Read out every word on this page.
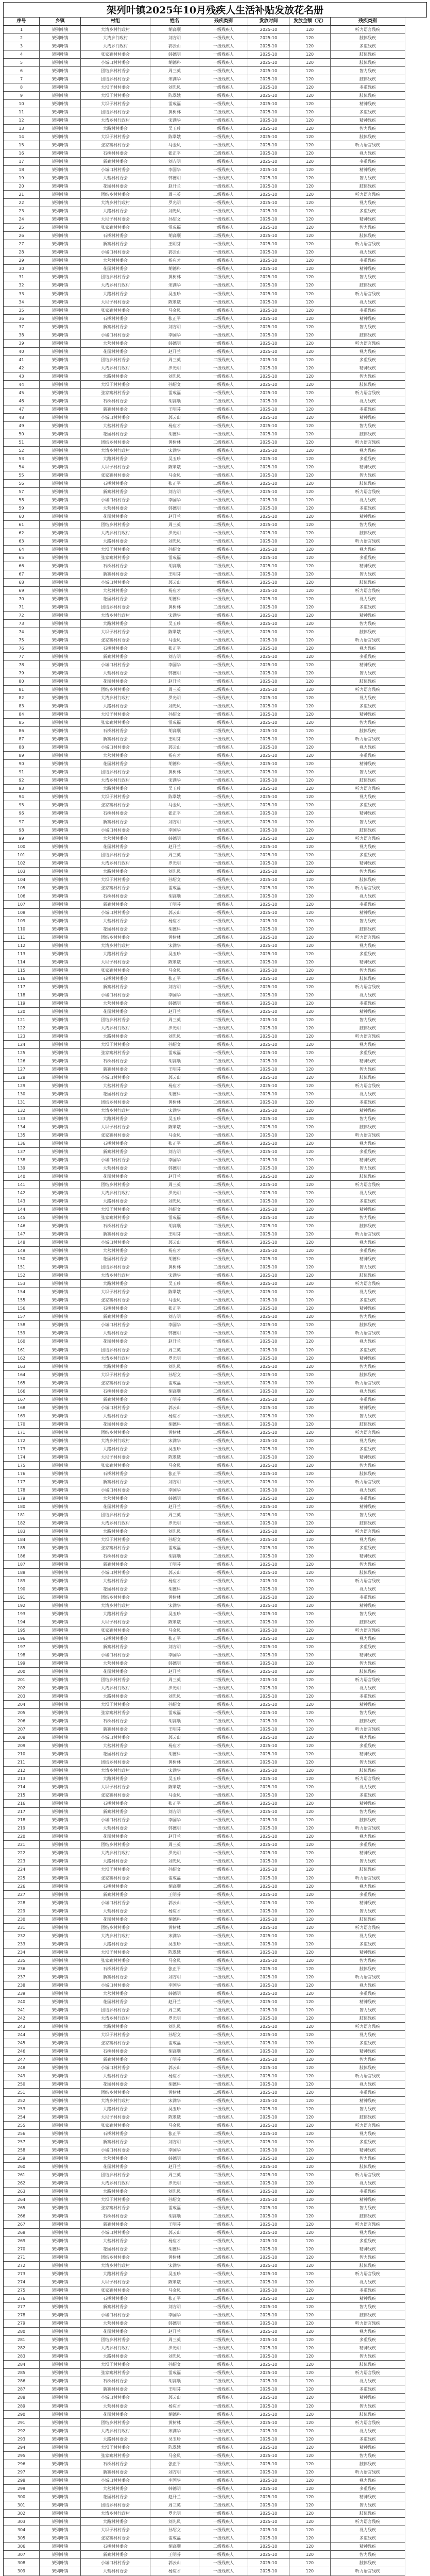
架列叶镇2025年10月残疾人生活补贴发放花名册
序号	乡镇	村组	姓名	残疾类别	发放时间	发放金额（元）	残疾类别
1	架列叶镇	大湾乡村行政村	胡高顺	一级残疾人	2025-10	120	听力语言残疾
2	架列叶镇	大湾乡行政村	刘方明	一级残疾人	2025-10	120	肢体残疾
3	架列叶镇	大湾乡行政村	郭云山	一级残疾人	2025-10	120	多重残疾
4	架列叶镇	张家寨村村委会	韩德明	一级残疾人	2025-10	120	肢体残疾
5	架列叶镇	小城口村村委会	胡德科	一级残疾人	2025-10	120	肢体残疾
6	架列叶镇	团结乡村村委会	周三英	一级残疾人	2025-10	120	智力残疾
7	架列叶镇	团结乡村村委会	宋满华	一级残疾人	2025-10	120	肢体残疾
8	架列叶镇	大坝子村村委会	刘先凤	一级残疾人	2025-10	120	多重残疾
9	架列叶镇	大坝子村村委会	陈翠娥	一级残疾人	2025-10	120	肢体残疾
10	架列叶镇	大坝子村村委会	雷成福	一级残疾人	2025-10	120	精神残疾
11	架列叶镇	团结乡村村委会	黄树林	二级残疾人	2025-10	120	多重残疾
12	架列叶镇	大湾乡村行政村	宋满华	一级残疾人	2025-10	120	精神残疾
13	架列叶镇	大路村村委会	吴玉珍	一级残疾人	2025-10	120	智力残疾
14	架列叶镇	大坝子村村委会	陈翠娥	一级残疾人	2025-10	120	肢体残疾
15	架列叶镇	张家寨村村委会	马金凤	一级残疾人	2025-10	120	听力语言残疾
16	架列叶镇	石桥村村委会	张正平	二级残疾人	2025-10	120	视力残疾
17	架列叶镇	新寨村村委会	刘方明	一级残疾人	2025-10	120	多重残疾
18	架列叶镇	小城口村村委会	李国华	一级残疾人	2025-10	120	精神残疾
19	架列叶镇	大营村村委会	韩德明	一级残疾人	2025-10	120	智力残疾
20	架列叶镇	花园村村委会	赵开兰	一级残疾人	2025-10	120	肢体残疾
21	架列叶镇	团结乡村村委会	周三英	二级残疾人	2025-10	120	听力语言残疾
22	架列叶镇	大湾乡村行政村	罗光明	一级残疾人	2025-10	120	视力残疾
23	架列叶镇	大路村村委会	刘先凤	一级残疾人	2025-10	120	多重残疾
24	架列叶镇	大坝子村村委会	孙绍文	一级残疾人	2025-10	120	精神残疾
25	架列叶镇	张家寨村村委会	雷成福	一级残疾人	2025-10	120	智力残疾
26	架列叶镇	石桥村村委会	胡高顺	二级残疾人	2025-10	120	肢体残疾
27	架列叶镇	新寨村村委会	王明芬	一级残疾人	2025-10	120	听力语言残疾
28	架列叶镇	小城口村村委会	郭云山	一级残疾人	2025-10	120	视力残疾
29	架列叶镇	大营村村委会	杨应才	一级残疾人	2025-10	120	多重残疾
30	架列叶镇	花园村村委会	胡德科	一级残疾人	2025-10	120	精神残疾
31	架列叶镇	团结乡村村委会	黄树林	二级残疾人	2025-10	120	智力残疾
32	架列叶镇	大湾乡村行政村	宋满华	一级残疾人	2025-10	120	肢体残疾
33	架列叶镇	大路村村委会	吴玉珍	一级残疾人	2025-10	120	听力语言残疾
34	架列叶镇	大坝子村村委会	陈翠娥	一级残疾人	2025-10	120	视力残疾
35	架列叶镇	张家寨村村委会	马金凤	一级残疾人	2025-10	120	多重残疾
36	架列叶镇	石桥村村委会	张正平	二级残疾人	2025-10	120	精神残疾
37	架列叶镇	新寨村村委会	刘方明	一级残疾人	2025-10	120	智力残疾
38	架列叶镇	小城口村村委会	李国华	一级残疾人	2025-10	120	肢体残疾
39	架列叶镇	大营村村委会	韩德明	一级残疾人	2025-10	120	听力语言残疾
40	架列叶镇	花园村村委会	赵开兰	一级残疾人	2025-10	120	视力残疾
41	架列叶镇	团结乡村村委会	周三英	二级残疾人	2025-10	120	多重残疾
42	架列叶镇	大湾乡村行政村	罗光明	一级残疾人	2025-10	120	精神残疾
43	架列叶镇	大路村村委会	刘先凤	一级残疾人	2025-10	120	智力残疾
44	架列叶镇	大坝子村村委会	孙绍文	一级残疾人	2025-10	120	肢体残疾
45	架列叶镇	张家寨村村委会	雷成福	一级残疾人	2025-10	120	听力语言残疾
46	架列叶镇	石桥村村委会	胡高顺	二级残疾人	2025-10	120	视力残疾
47	架列叶镇	新寨村村委会	王明芬	一级残疾人	2025-10	120	多重残疾
48	架列叶镇	小城口村村委会	郭云山	一级残疾人	2025-10	120	精神残疾
49	架列叶镇	大营村村委会	杨应才	一级残疾人	2025-10	120	智力残疾
50	架列叶镇	花园村村委会	胡德科	一级残疾人	2025-10	120	肢体残疾
51	架列叶镇	团结乡村村委会	黄树林	二级残疾人	2025-10	120	听力语言残疾
52	架列叶镇	大湾乡村行政村	宋满华	一级残疾人	2025-10	120	视力残疾
53	架列叶镇	大路村村委会	吴玉珍	一级残疾人	2025-10	120	多重残疾
54	架列叶镇	大坝子村村委会	陈翠娥	一级残疾人	2025-10	120	精神残疾
55	架列叶镇	张家寨村村委会	马金凤	一级残疾人	2025-10	120	智力残疾
56	架列叶镇	石桥村村委会	张正平	二级残疾人	2025-10	120	肢体残疾
57	架列叶镇	新寨村村委会	刘方明	一级残疾人	2025-10	120	听力语言残疾
58	架列叶镇	小城口村村委会	李国华	一级残疾人	2025-10	120	视力残疾
59	架列叶镇	大营村村委会	韩德明	一级残疾人	2025-10	120	多重残疾
60	架列叶镇	花园村村委会	赵开兰	一级残疾人	2025-10	120	精神残疾
61	架列叶镇	团结乡村村委会	周三英	二级残疾人	2025-10	120	智力残疾
62	架列叶镇	大湾乡村行政村	罗光明	一级残疾人	2025-10	120	肢体残疾
63	架列叶镇	大路村村委会	刘先凤	一级残疾人	2025-10	120	听力语言残疾
64	架列叶镇	大坝子村村委会	孙绍文	一级残疾人	2025-10	120	视力残疾
65	架列叶镇	张家寨村村委会	雷成福	一级残疾人	2025-10	120	多重残疾
66	架列叶镇	石桥村村委会	胡高顺	二级残疾人	2025-10	120	精神残疾
67	架列叶镇	新寨村村委会	王明芬	一级残疾人	2025-10	120	智力残疾
68	架列叶镇	小城口村村委会	郭云山	一级残疾人	2025-10	120	肢体残疾
69	架列叶镇	大营村村委会	杨应才	一级残疾人	2025-10	120	听力语言残疾
70	架列叶镇	花园村村委会	胡德科	一级残疾人	2025-10	120	视力残疾
71	架列叶镇	团结乡村村委会	黄树林	二级残疾人	2025-10	120	多重残疾
72	架列叶镇	大湾乡村行政村	宋满华	一级残疾人	2025-10	120	精神残疾
73	架列叶镇	大路村村委会	吴玉珍	一级残疾人	2025-10	120	智力残疾
74	架列叶镇	大坝子村村委会	陈翠娥	一级残疾人	2025-10	120	肢体残疾
75	架列叶镇	张家寨村村委会	马金凤	一级残疾人	2025-10	120	听力语言残疾
76	架列叶镇	石桥村村委会	张正平	二级残疾人	2025-10	120	视力残疾
77	架列叶镇	新寨村村委会	刘方明	一级残疾人	2025-10	120	多重残疾
78	架列叶镇	小城口村村委会	李国华	一级残疾人	2025-10	120	精神残疾
79	架列叶镇	大营村村委会	韩德明	一级残疾人	2025-10	120	智力残疾
80	架列叶镇	花园村村委会	赵开兰	一级残疾人	2025-10	120	肢体残疾
81	架列叶镇	团结乡村村委会	周三英	二级残疾人	2025-10	120	听力语言残疾
82	架列叶镇	大湾乡村行政村	罗光明	一级残疾人	2025-10	120	视力残疾
83	架列叶镇	大路村村委会	刘先凤	一级残疾人	2025-10	120	多重残疾
84	架列叶镇	大坝子村村委会	孙绍文	一级残疾人	2025-10	120	精神残疾
85	架列叶镇	张家寨村村委会	雷成福	一级残疾人	2025-10	120	智力残疾
86	架列叶镇	石桥村村委会	胡高顺	二级残疾人	2025-10	120	肢体残疾
87	架列叶镇	新寨村村委会	王明芬	一级残疾人	2025-10	120	听力语言残疾
88	架列叶镇	小城口村村委会	郭云山	一级残疾人	2025-10	120	视力残疾
89	架列叶镇	大营村村委会	杨应才	一级残疾人	2025-10	120	多重残疾
90	架列叶镇	花园村村委会	胡德科	一级残疾人	2025-10	120	精神残疾
91	架列叶镇	团结乡村村委会	黄树林	二级残疾人	2025-10	120	智力残疾
92	架列叶镇	大湾乡村行政村	宋满华	一级残疾人	2025-10	120	肢体残疾
93	架列叶镇	大路村村委会	吴玉珍	一级残疾人	2025-10	120	听力语言残疾
94	架列叶镇	大坝子村村委会	陈翠娥	一级残疾人	2025-10	120	视力残疾
95	架列叶镇	张家寨村村委会	马金凤	一级残疾人	2025-10	120	多重残疾
96	架列叶镇	石桥村村委会	张正平	二级残疾人	2025-10	120	精神残疾
97	架列叶镇	新寨村村委会	刘方明	一级残疾人	2025-10	120	智力残疾
98	架列叶镇	小城口村村委会	李国华	一级残疾人	2025-10	120	肢体残疾
99	架列叶镇	大营村村委会	韩德明	一级残疾人	2025-10	120	听力语言残疾
100	架列叶镇	花园村村委会	赵开兰	一级残疾人	2025-10	120	视力残疾
101	架列叶镇	团结乡村村委会	周三英	二级残疾人	2025-10	120	多重残疾
102	架列叶镇	大湾乡村行政村	罗光明	一级残疾人	2025-10	120	精神残疾
103	架列叶镇	大路村村委会	刘先凤	一级残疾人	2025-10	120	智力残疾
104	架列叶镇	大坝子村村委会	孙绍文	一级残疾人	2025-10	120	肢体残疾
105	架列叶镇	张家寨村村委会	雷成福	一级残疾人	2025-10	120	听力语言残疾
106	架列叶镇	石桥村村委会	胡高顺	二级残疾人	2025-10	120	视力残疾
107	架列叶镇	新寨村村委会	王明芬	一级残疾人	2025-10	120	多重残疾
108	架列叶镇	小城口村村委会	郭云山	一级残疾人	2025-10	120	精神残疾
109	架列叶镇	大营村村委会	杨应才	一级残疾人	2025-10	120	智力残疾
110	架列叶镇	花园村村委会	胡德科	一级残疾人	2025-10	120	肢体残疾
111	架列叶镇	团结乡村村委会	黄树林	二级残疾人	2025-10	120	听力语言残疾
112	架列叶镇	大湾乡村行政村	宋满华	一级残疾人	2025-10	120	视力残疾
113	架列叶镇	大路村村委会	吴玉珍	一级残疾人	2025-10	120	多重残疾
114	架列叶镇	大坝子村村委会	陈翠娥	一级残疾人	2025-10	120	精神残疾
115	架列叶镇	张家寨村村委会	马金凤	一级残疾人	2025-10	120	智力残疾
116	架列叶镇	石桥村村委会	张正平	二级残疾人	2025-10	120	肢体残疾
117	架列叶镇	新寨村村委会	刘方明	一级残疾人	2025-10	120	听力语言残疾
118	架列叶镇	小城口村村委会	李国华	一级残疾人	2025-10	120	视力残疾
119	架列叶镇	大营村村委会	韩德明	一级残疾人	2025-10	120	多重残疾
120	架列叶镇	花园村村委会	赵开兰	一级残疾人	2025-10	120	精神残疾
121	架列叶镇	团结乡村村委会	周三英	二级残疾人	2025-10	120	智力残疾
122	架列叶镇	大湾乡村行政村	罗光明	一级残疾人	2025-10	120	肢体残疾
123	架列叶镇	大路村村委会	刘先凤	一级残疾人	2025-10	120	听力语言残疾
124	架列叶镇	大坝子村村委会	孙绍文	一级残疾人	2025-10	120	视力残疾
125	架列叶镇	张家寨村村委会	雷成福	一级残疾人	2025-10	120	多重残疾
126	架列叶镇	石桥村村委会	胡高顺	二级残疾人	2025-10	120	精神残疾
127	架列叶镇	新寨村村委会	王明芬	一级残疾人	2025-10	120	智力残疾
128	架列叶镇	小城口村村委会	郭云山	一级残疾人	2025-10	120	肢体残疾
129	架列叶镇	大营村村委会	杨应才	一级残疾人	2025-10	120	听力语言残疾
130	架列叶镇	花园村村委会	胡德科	一级残疾人	2025-10	120	视力残疾
131	架列叶镇	团结乡村村委会	黄树林	二级残疾人	2025-10	120	多重残疾
132	架列叶镇	大湾乡村行政村	宋满华	一级残疾人	2025-10	120	精神残疾
133	架列叶镇	大路村村委会	吴玉珍	一级残疾人	2025-10	120	智力残疾
134	架列叶镇	大坝子村村委会	陈翠娥	一级残疾人	2025-10	120	肢体残疾
135	架列叶镇	张家寨村村委会	马金凤	一级残疾人	2025-10	120	听力语言残疾
136	架列叶镇	石桥村村委会	张正平	二级残疾人	2025-10	120	视力残疾
137	架列叶镇	新寨村村委会	刘方明	一级残疾人	2025-10	120	多重残疾
138	架列叶镇	小城口村村委会	李国华	一级残疾人	2025-10	120	精神残疾
139	架列叶镇	大营村村委会	韩德明	一级残疾人	2025-10	120	智力残疾
140	架列叶镇	花园村村委会	赵开兰	一级残疾人	2025-10	120	肢体残疾
141	架列叶镇	团结乡村村委会	周三英	二级残疾人	2025-10	120	听力语言残疾
142	架列叶镇	大湾乡村行政村	罗光明	一级残疾人	2025-10	120	视力残疾
143	架列叶镇	大路村村委会	刘先凤	一级残疾人	2025-10	120	多重残疾
144	架列叶镇	大坝子村村委会	孙绍文	一级残疾人	2025-10	120	精神残疾
145	架列叶镇	张家寨村村委会	雷成福	一级残疾人	2025-10	120	智力残疾
146	架列叶镇	石桥村村委会	胡高顺	二级残疾人	2025-10	120	肢体残疾
147	架列叶镇	新寨村村委会	王明芬	一级残疾人	2025-10	120	听力语言残疾
148	架列叶镇	小城口村村委会	郭云山	一级残疾人	2025-10	120	视力残疾
149	架列叶镇	大营村村委会	杨应才	一级残疾人	2025-10	120	多重残疾
150	架列叶镇	花园村村委会	胡德科	一级残疾人	2025-10	120	精神残疾
151	架列叶镇	团结乡村村委会	黄树林	二级残疾人	2025-10	120	智力残疾
152	架列叶镇	大湾乡村行政村	宋满华	一级残疾人	2025-10	120	肢体残疾
153	架列叶镇	大路村村委会	吴玉珍	一级残疾人	2025-10	120	听力语言残疾
154	架列叶镇	大坝子村村委会	陈翠娥	一级残疾人	2025-10	120	视力残疾
155	架列叶镇	张家寨村村委会	马金凤	一级残疾人	2025-10	120	多重残疾
156	架列叶镇	石桥村村委会	张正平	二级残疾人	2025-10	120	精神残疾
157	架列叶镇	新寨村村委会	刘方明	一级残疾人	2025-10	120	智力残疾
158	架列叶镇	小城口村村委会	李国华	一级残疾人	2025-10	120	肢体残疾
159	架列叶镇	大营村村委会	韩德明	一级残疾人	2025-10	120	听力语言残疾
160	架列叶镇	花园村村委会	赵开兰	一级残疾人	2025-10	120	视力残疾
161	架列叶镇	团结乡村村委会	周三英	二级残疾人	2025-10	120	多重残疾
162	架列叶镇	大湾乡村行政村	罗光明	一级残疾人	2025-10	120	精神残疾
163	架列叶镇	大路村村委会	刘先凤	一级残疾人	2025-10	120	智力残疾
164	架列叶镇	大坝子村村委会	孙绍文	一级残疾人	2025-10	120	肢体残疾
165	架列叶镇	张家寨村村委会	雷成福	一级残疾人	2025-10	120	听力语言残疾
166	架列叶镇	石桥村村委会	胡高顺	二级残疾人	2025-10	120	视力残疾
167	架列叶镇	新寨村村委会	王明芬	一级残疾人	2025-10	120	多重残疾
168	架列叶镇	小城口村村委会	郭云山	一级残疾人	2025-10	120	精神残疾
169	架列叶镇	大营村村委会	杨应才	一级残疾人	2025-10	120	智力残疾
170	架列叶镇	花园村村委会	胡德科	一级残疾人	2025-10	120	肢体残疾
171	架列叶镇	团结乡村村委会	黄树林	二级残疾人	2025-10	120	听力语言残疾
172	架列叶镇	大湾乡村行政村	宋满华	一级残疾人	2025-10	120	视力残疾
173	架列叶镇	大路村村委会	吴玉珍	一级残疾人	2025-10	120	多重残疾
174	架列叶镇	大坝子村村委会	陈翠娥	一级残疾人	2025-10	120	精神残疾
175	架列叶镇	张家寨村村委会	马金凤	一级残疾人	2025-10	120	智力残疾
176	架列叶镇	石桥村村委会	张正平	二级残疾人	2025-10	120	肢体残疾
177	架列叶镇	新寨村村委会	刘方明	一级残疾人	2025-10	120	听力语言残疾
178	架列叶镇	小城口村村委会	李国华	一级残疾人	2025-10	120	视力残疾
179	架列叶镇	大营村村委会	韩德明	一级残疾人	2025-10	120	多重残疾
180	架列叶镇	花园村村委会	赵开兰	一级残疾人	2025-10	120	精神残疾
181	架列叶镇	团结乡村村委会	周三英	二级残疾人	2025-10	120	智力残疾
182	架列叶镇	大湾乡村行政村	罗光明	一级残疾人	2025-10	120	肢体残疾
183	架列叶镇	大路村村委会	刘先凤	一级残疾人	2025-10	120	听力语言残疾
184	架列叶镇	大坝子村村委会	孙绍文	一级残疾人	2025-10	120	视力残疾
185	架列叶镇	张家寨村村委会	雷成福	一级残疾人	2025-10	120	多重残疾
186	架列叶镇	石桥村村委会	胡高顺	二级残疾人	2025-10	120	精神残疾
187	架列叶镇	新寨村村委会	王明芬	一级残疾人	2025-10	120	智力残疾
188	架列叶镇	小城口村村委会	郭云山	一级残疾人	2025-10	120	肢体残疾
189	架列叶镇	大营村村委会	杨应才	一级残疾人	2025-10	120	听力语言残疾
190	架列叶镇	花园村村委会	胡德科	一级残疾人	2025-10	120	视力残疾
191	架列叶镇	团结乡村村委会	黄树林	二级残疾人	2025-10	120	多重残疾
192	架列叶镇	大湾乡村行政村	宋满华	一级残疾人	2025-10	120	精神残疾
193	架列叶镇	大路村村委会	吴玉珍	一级残疾人	2025-10	120	智力残疾
194	架列叶镇	大坝子村村委会	陈翠娥	一级残疾人	2025-10	120	肢体残疾
195	架列叶镇	张家寨村村委会	马金凤	一级残疾人	2025-10	120	听力语言残疾
196	架列叶镇	石桥村村委会	张正平	二级残疾人	2025-10	120	视力残疾
197	架列叶镇	新寨村村委会	刘方明	一级残疾人	2025-10	120	多重残疾
198	架列叶镇	小城口村村委会	李国华	一级残疾人	2025-10	120	精神残疾
199	架列叶镇	大营村村委会	韩德明	一级残疾人	2025-10	120	智力残疾
200	架列叶镇	花园村村委会	赵开兰	一级残疾人	2025-10	120	肢体残疾
201	架列叶镇	团结乡村村委会	周三英	二级残疾人	2025-10	120	听力语言残疾
202	架列叶镇	大湾乡村行政村	罗光明	一级残疾人	2025-10	120	视力残疾
203	架列叶镇	大路村村委会	刘先凤	一级残疾人	2025-10	120	多重残疾
204	架列叶镇	大坝子村村委会	孙绍文	一级残疾人	2025-10	120	精神残疾
205	架列叶镇	张家寨村村委会	雷成福	一级残疾人	2025-10	120	智力残疾
206	架列叶镇	石桥村村委会	胡高顺	二级残疾人	2025-10	120	肢体残疾
207	架列叶镇	新寨村村委会	王明芬	一级残疾人	2025-10	120	听力语言残疾
208	架列叶镇	小城口村村委会	郭云山	一级残疾人	2025-10	120	视力残疾
209	架列叶镇	大营村村委会	杨应才	一级残疾人	2025-10	120	多重残疾
210	架列叶镇	花园村村委会	胡德科	一级残疾人	2025-10	120	精神残疾
211	架列叶镇	团结乡村村委会	黄树林	二级残疾人	2025-10	120	智力残疾
212	架列叶镇	大湾乡村行政村	宋满华	一级残疾人	2025-10	120	肢体残疾
213	架列叶镇	大路村村委会	吴玉珍	一级残疾人	2025-10	120	听力语言残疾
214	架列叶镇	大坝子村村委会	陈翠娥	一级残疾人	2025-10	120	视力残疾
215	架列叶镇	张家寨村村委会	马金凤	一级残疾人	2025-10	120	多重残疾
216	架列叶镇	石桥村村委会	张正平	二级残疾人	2025-10	120	精神残疾
217	架列叶镇	新寨村村委会	刘方明	一级残疾人	2025-10	120	智力残疾
218	架列叶镇	小城口村村委会	李国华	一级残疾人	2025-10	120	肢体残疾
219	架列叶镇	大营村村委会	韩德明	一级残疾人	2025-10	120	听力语言残疾
220	架列叶镇	花园村村委会	赵开兰	一级残疾人	2025-10	120	视力残疾
221	架列叶镇	团结乡村村委会	周三英	二级残疾人	2025-10	120	多重残疾
222	架列叶镇	大湾乡村行政村	罗光明	一级残疾人	2025-10	120	精神残疾
223	架列叶镇	大路村村委会	刘先凤	一级残疾人	2025-10	120	智力残疾
224	架列叶镇	大坝子村村委会	孙绍文	一级残疾人	2025-10	120	肢体残疾
225	架列叶镇	张家寨村村委会	雷成福	一级残疾人	2025-10	120	听力语言残疾
226	架列叶镇	石桥村村委会	胡高顺	二级残疾人	2025-10	120	视力残疾
227	架列叶镇	新寨村村委会	王明芬	一级残疾人	2025-10	120	多重残疾
228	架列叶镇	小城口村村委会	郭云山	一级残疾人	2025-10	120	精神残疾
229	架列叶镇	大营村村委会	杨应才	一级残疾人	2025-10	120	智力残疾
230	架列叶镇	花园村村委会	胡德科	一级残疾人	2025-10	120	肢体残疾
231	架列叶镇	团结乡村村委会	黄树林	二级残疾人	2025-10	120	听力语言残疾
232	架列叶镇	大湾乡村行政村	宋满华	一级残疾人	2025-10	120	视力残疾
233	架列叶镇	大路村村委会	吴玉珍	一级残疾人	2025-10	120	多重残疾
234	架列叶镇	大坝子村村委会	陈翠娥	一级残疾人	2025-10	120	精神残疾
235	架列叶镇	张家寨村村委会	马金凤	一级残疾人	2025-10	120	智力残疾
236	架列叶镇	石桥村村委会	张正平	二级残疾人	2025-10	120	肢体残疾
237	架列叶镇	新寨村村委会	刘方明	一级残疾人	2025-10	120	听力语言残疾
238	架列叶镇	小城口村村委会	李国华	一级残疾人	2025-10	120	视力残疾
239	架列叶镇	大营村村委会	韩德明	一级残疾人	2025-10	120	多重残疾
240	架列叶镇	花园村村委会	赵开兰	一级残疾人	2025-10	120	精神残疾
241	架列叶镇	团结乡村村委会	周三英	二级残疾人	2025-10	120	智力残疾
242	架列叶镇	大湾乡村行政村	罗光明	一级残疾人	2025-10	120	肢体残疾
243	架列叶镇	大路村村委会	刘先凤	一级残疾人	2025-10	120	听力语言残疾
244	架列叶镇	大坝子村村委会	孙绍文	一级残疾人	2025-10	120	视力残疾
245	架列叶镇	张家寨村村委会	雷成福	一级残疾人	2025-10	120	多重残疾
246	架列叶镇	石桥村村委会	胡高顺	二级残疾人	2025-10	120	精神残疾
247	架列叶镇	新寨村村委会	王明芬	一级残疾人	2025-10	120	智力残疾
248	架列叶镇	小城口村村委会	郭云山	一级残疾人	2025-10	120	肢体残疾
249	架列叶镇	大营村村委会	杨应才	一级残疾人	2025-10	120	听力语言残疾
250	架列叶镇	花园村村委会	胡德科	一级残疾人	2025-10	120	视力残疾
251	架列叶镇	团结乡村村委会	黄树林	二级残疾人	2025-10	120	多重残疾
252	架列叶镇	大湾乡村行政村	宋满华	一级残疾人	2025-10	120	精神残疾
253	架列叶镇	大路村村委会	吴玉珍	一级残疾人	2025-10	120	智力残疾
254	架列叶镇	大坝子村村委会	陈翠娥	一级残疾人	2025-10	120	肢体残疾
255	架列叶镇	张家寨村村委会	马金凤	一级残疾人	2025-10	120	听力语言残疾
256	架列叶镇	石桥村村委会	张正平	二级残疾人	2025-10	120	视力残疾
257	架列叶镇	新寨村村委会	刘方明	一级残疾人	2025-10	120	多重残疾
258	架列叶镇	小城口村村委会	李国华	一级残疾人	2025-10	120	精神残疾
259	架列叶镇	大营村村委会	韩德明	一级残疾人	2025-10	120	智力残疾
260	架列叶镇	花园村村委会	赵开兰	一级残疾人	2025-10	120	肢体残疾
261	架列叶镇	团结乡村村委会	周三英	二级残疾人	2025-10	120	听力语言残疾
262	架列叶镇	大湾乡村行政村	罗光明	一级残疾人	2025-10	120	视力残疾
263	架列叶镇	大路村村委会	刘先凤	一级残疾人	2025-10	120	多重残疾
264	架列叶镇	大坝子村村委会	孙绍文	一级残疾人	2025-10	120	精神残疾
265	架列叶镇	张家寨村村委会	雷成福	一级残疾人	2025-10	120	智力残疾
266	架列叶镇	石桥村村委会	胡高顺	二级残疾人	2025-10	120	肢体残疾
267	架列叶镇	新寨村村委会	王明芬	一级残疾人	2025-10	120	听力语言残疾
268	架列叶镇	小城口村村委会	郭云山	一级残疾人	2025-10	120	视力残疾
269	架列叶镇	大营村村委会	杨应才	一级残疾人	2025-10	120	多重残疾
270	架列叶镇	花园村村委会	胡德科	一级残疾人	2025-10	120	精神残疾
271	架列叶镇	团结乡村村委会	黄树林	二级残疾人	2025-10	120	智力残疾
272	架列叶镇	大湾乡村行政村	宋满华	一级残疾人	2025-10	120	肢体残疾
273	架列叶镇	大路村村委会	吴玉珍	一级残疾人	2025-10	120	听力语言残疾
274	架列叶镇	大坝子村村委会	陈翠娥	一级残疾人	2025-10	120	视力残疾
275	架列叶镇	张家寨村村委会	马金凤	一级残疾人	2025-10	120	多重残疾
276	架列叶镇	石桥村村委会	张正平	二级残疾人	2025-10	120	精神残疾
277	架列叶镇	新寨村村委会	刘方明	一级残疾人	2025-10	120	智力残疾
278	架列叶镇	小城口村村委会	李国华	一级残疾人	2025-10	120	肢体残疾
279	架列叶镇	大营村村委会	韩德明	一级残疾人	2025-10	120	听力语言残疾
280	架列叶镇	花园村村委会	赵开兰	一级残疾人	2025-10	120	视力残疾
281	架列叶镇	团结乡村村委会	周三英	二级残疾人	2025-10	120	多重残疾
282	架列叶镇	大湾乡村行政村	罗光明	一级残疾人	2025-10	120	精神残疾
283	架列叶镇	大路村村委会	刘先凤	一级残疾人	2025-10	120	智力残疾
284	架列叶镇	大坝子村村委会	孙绍文	一级残疾人	2025-10	120	肢体残疾
285	架列叶镇	张家寨村村委会	雷成福	一级残疾人	2025-10	120	听力语言残疾
286	架列叶镇	石桥村村委会	胡高顺	二级残疾人	2025-10	120	视力残疾
287	架列叶镇	新寨村村委会	王明芬	一级残疾人	2025-10	120	多重残疾
288	架列叶镇	小城口村村委会	郭云山	一级残疾人	2025-10	120	精神残疾
289	架列叶镇	大营村村委会	杨应才	一级残疾人	2025-10	120	智力残疾
290	架列叶镇	花园村村委会	胡德科	一级残疾人	2025-10	120	肢体残疾
291	架列叶镇	团结乡村村委会	黄树林	二级残疾人	2025-10	120	听力语言残疾
292	架列叶镇	大湾乡村行政村	宋满华	一级残疾人	2025-10	120	视力残疾
293	架列叶镇	大路村村委会	吴玉珍	一级残疾人	2025-10	120	多重残疾
294	架列叶镇	大坝子村村委会	陈翠娥	一级残疾人	2025-10	120	精神残疾
295	架列叶镇	张家寨村村委会	马金凤	一级残疾人	2025-10	120	智力残疾
296	架列叶镇	石桥村村委会	张正平	二级残疾人	2025-10	120	肢体残疾
297	架列叶镇	新寨村村委会	刘方明	一级残疾人	2025-10	120	听力语言残疾
298	架列叶镇	小城口村村委会	李国华	一级残疾人	2025-10	120	视力残疾
299	架列叶镇	大营村村委会	韩德明	一级残疾人	2025-10	120	多重残疾
300	架列叶镇	花园村村委会	赵开兰	一级残疾人	2025-10	120	精神残疾
301	架列叶镇	团结乡村村委会	周三英	二级残疾人	2025-10	120	智力残疾
302	架列叶镇	大湾乡村行政村	罗光明	一级残疾人	2025-10	120	肢体残疾
303	架列叶镇	大路村村委会	刘先凤	一级残疾人	2025-10	120	听力语言残疾
304	架列叶镇	大坝子村村委会	孙绍文	一级残疾人	2025-10	120	视力残疾
305	架列叶镇	张家寨村村委会	雷成福	一级残疾人	2025-10	120	多重残疾
306	架列叶镇	石桥村村委会	胡高顺	二级残疾人	2025-10	120	精神残疾
307	架列叶镇	新寨村村委会	王明芬	一级残疾人	2025-10	120	智力残疾
308	架列叶镇	小城口村村委会	郭云山	一级残疾人	2025-10	120	肢体残疾
309	架列叶镇	大营村村委会	杨应才	一级残疾人	2025-10	120	听力语言残疾
